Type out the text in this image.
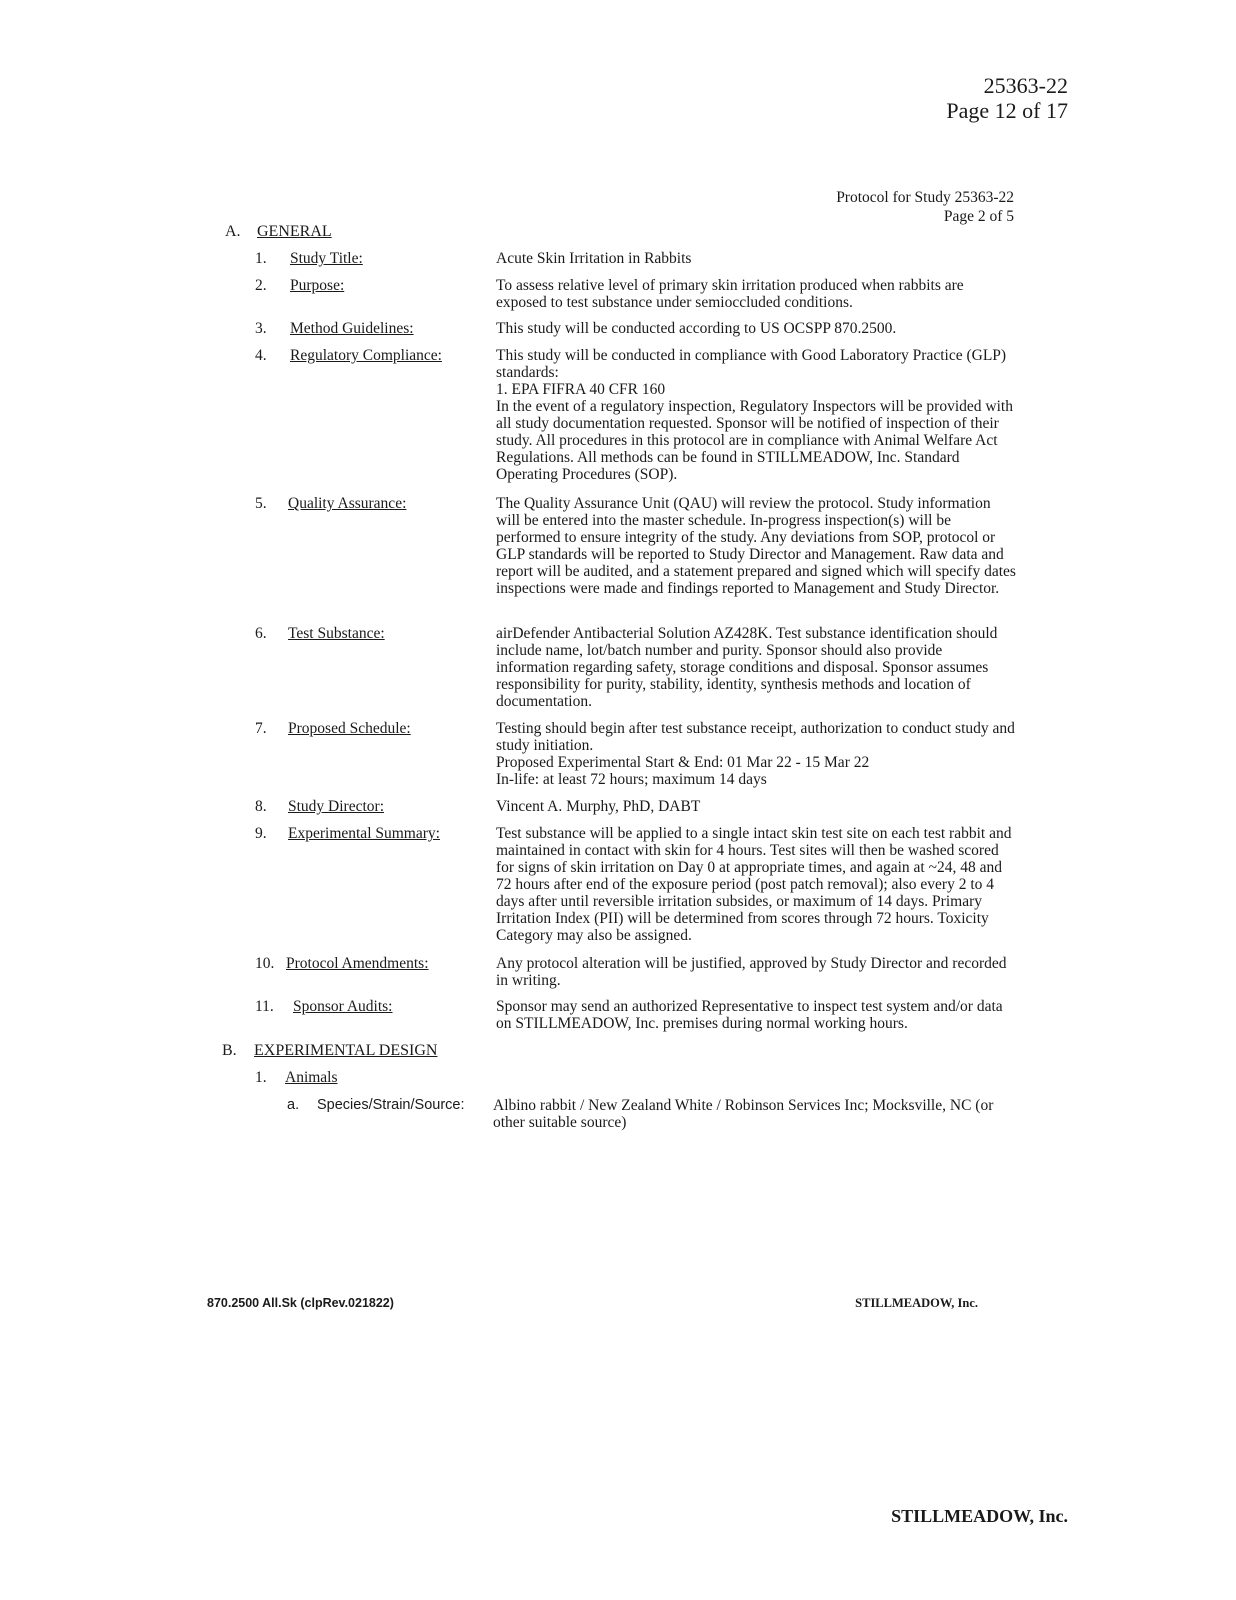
25363-22
Page 12 of 17
Protocol for Study 25363-22
Page 2 of 5
A. GENERAL
1. Study Title:	Acute Skin Irritation in Rabbits

2. Purpose:	To assess relative level of primary skin irritation produced when rabbits are exposed to test substance under semioccluded conditions.

3. Method Guidelines:	This study will be conducted according to US OCSPP 870.2500.

4. Regulatory Compliance:	This study will be conducted in compliance with Good Laboratory Practice (GLP) standards:

1. EPA FIFRA 40 CFR 160

In the event of a regulatory inspection, Regulatory Inspectors will be provided with all study documentation requested. Sponsor will be notified of inspection of their study. All procedures in this protocol are in compliance with Animal Welfare Act Regulations. All methods can be found in STILLMEADOW, Inc. Standard Operating Procedures (SOP).

5. Quality Assurance:	The Quality Assurance Unit (QAU) will review the protocol. Study information will be entered into the master schedule. In-progress inspection(s) will be performed to ensure integrity of the study. Any deviations from SOP, protocol or GLP standards will be reported to Study Director and Management. Raw data and report will be audited, and a statement prepared and signed which will specify dates inspections were made and findings reported to Management and Study Director.

6. Test Substance:	airDefender Antibacterial Solution AZ428K. Test substance identification should include name, lot/batch number and purity. Sponsor should also provide information regarding safety, storage conditions and disposal. Sponsor assumes responsibility for purity, stability, identity, synthesis methods and location of documentation.

7. Proposed Schedule:	Testing should begin after test substance receipt, authorization to conduct study and study initiation.

Proposed Experimental Start & End: 01 Mar 22 - 15 Mar 22

In-life: at least 72 hours; maximum 14 days

8. Study Director:	Vincent A. Murphy, PhD, DABT

9. Experimental Summary:	Test substance will be applied to a single intact skin test site on each test rabbit and maintained in contact with skin for 4 hours. Test sites will then be washed scored for signs of skin irritation on Day 0 at appropriate times, and again at ~24, 48 and 72 hours after end of the exposure period (post patch removal); also every 2 to 4 days after until reversible irritation subsides, or maximum of 14 days. Primary Irritation Index (PII) will be determined from scores through 72 hours. Toxicity Category may also be assigned.

10. Protocol Amendments:	Any protocol alteration will be justified, approved by Study Director and recorded in writing.

11. Sponsor Audits:	Sponsor may send an authorized Representative to inspect test system and/or data on STILLMEADOW, Inc. premises during normal working hours.

B. EXPERIMENTAL DESIGN
1. Animals
a. Species/Strain/Source: Albino rabbit / New Zealand White / Robinson Services Inc; Mocksville, NC (or other suitable source)

870.2500 All.Sk (clpRev.021822)	STILLMEADOW, Inc.
STILLMEADOW, Inc.
